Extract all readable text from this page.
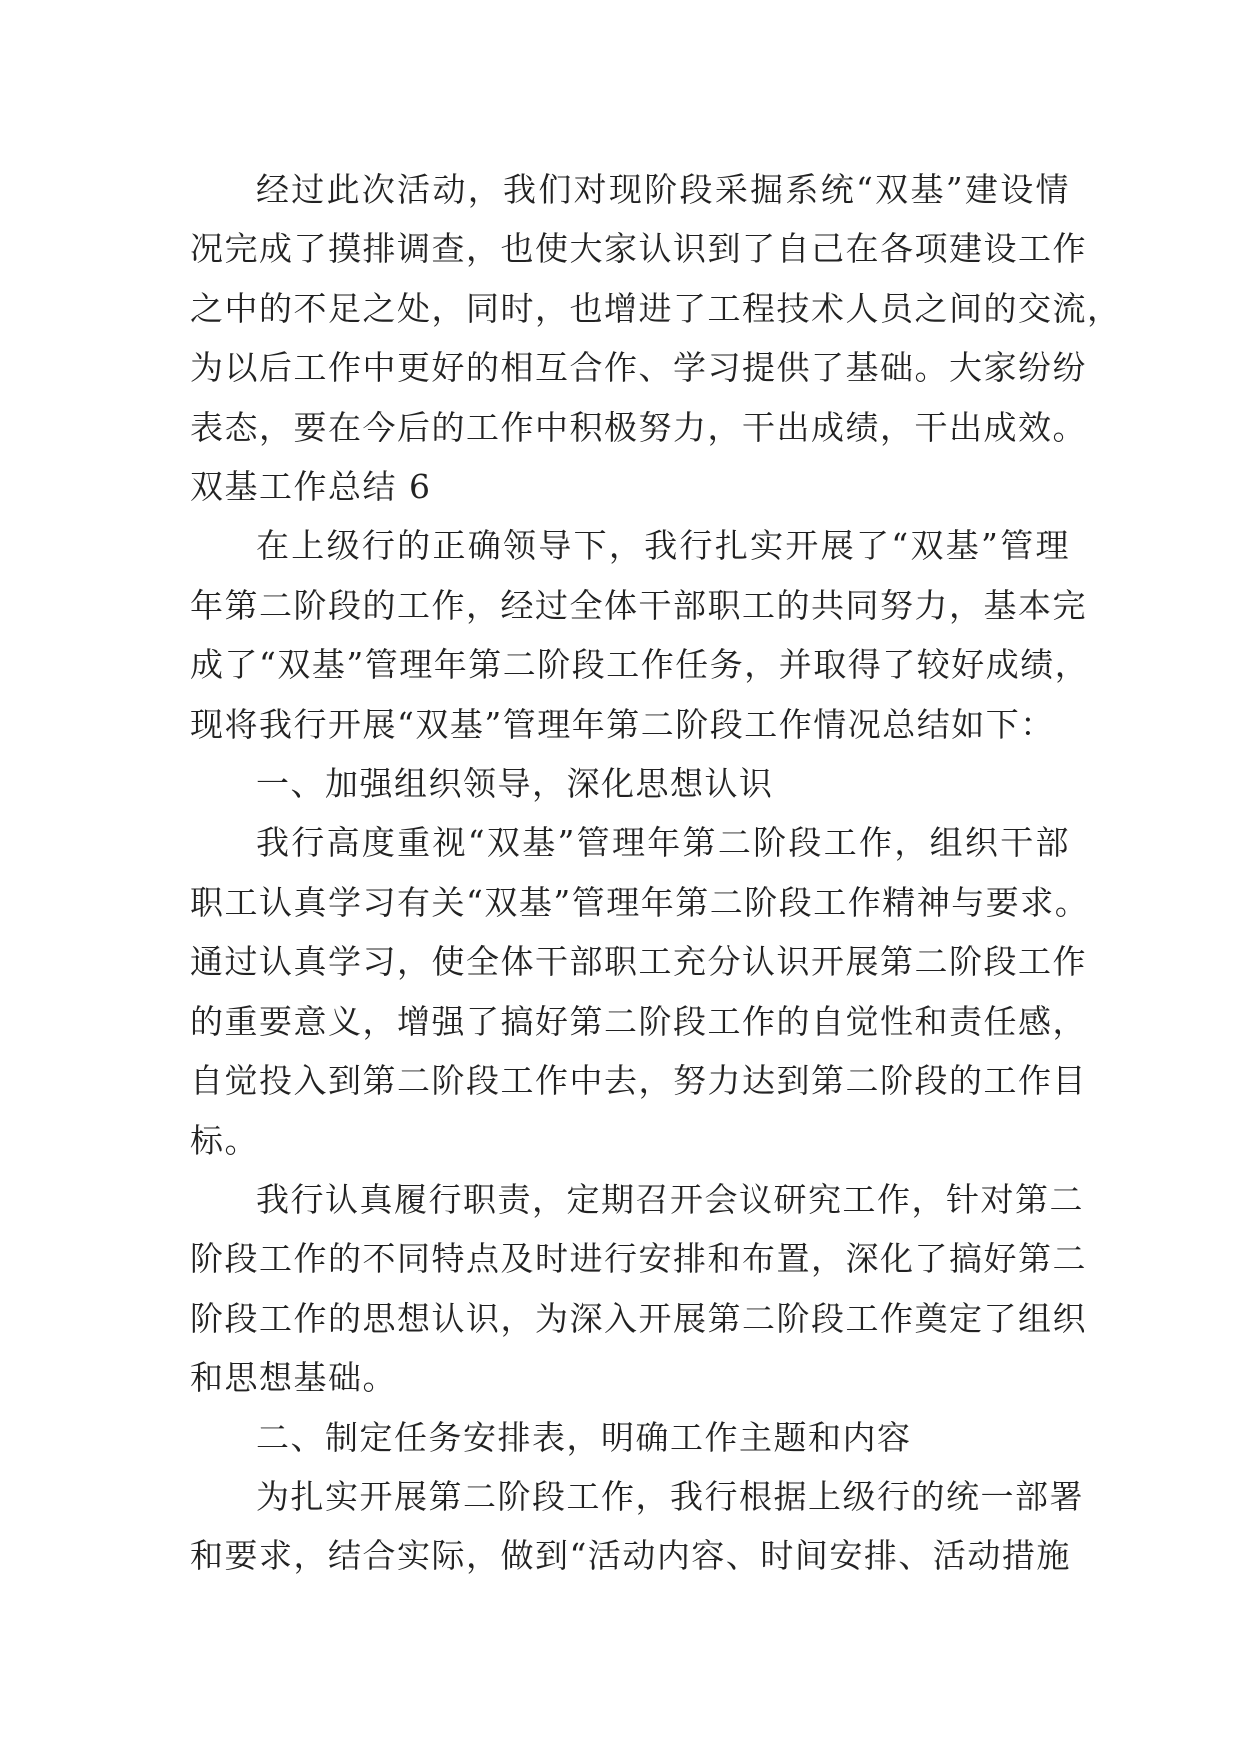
经过此次活动，我们对现阶段采掘系统“双基”建设情
况完成了摸排调查，也使大家认识到了自己在各项建设工作
之中的不足之处，同时，也增进了工程技术人员之间的交流，
为以后工作中更好的相互合作、学习提供了基础。大家纷纷
表态，要在今后的工作中积极努力，干出成绩，干出成效。

双基工作总结 6

在上级行的正确领导下，我行扎实开展了“双基”管理
年第二阶段的工作，经过全体干部职工的共同努力，基本完
成了“双基”管理年第二阶段工作任务，并取得了较好成绩，
现将我行开展“双基”管理年第二阶段工作情况总结如下：

一、加强组织领导，深化思想认识

我行高度重视“双基”管理年第二阶段工作，组织干部
职工认真学习有关“双基”管理年第二阶段工作精神与要求。
通过认真学习，使全体干部职工充分认识开展第二阶段工作
的重要意义，增强了搞好第二阶段工作的自觉性和责任感，
自觉投入到第二阶段工作中去，努力达到第二阶段的工作目
标。

我行认真履行职责，定期召开会议研究工作，针对第二
阶段工作的不同特点及时进行安排和布置，深化了搞好第二
阶段工作的思想认识，为深入开展第二阶段工作奠定了组织
和思想基础。

二、制定任务安排表，明确工作主题和内容

为扎实开展第二阶段工作，我行根据上级行的统一部署
和要求，结合实际，做到“活动内容、时间安排、活动措施
